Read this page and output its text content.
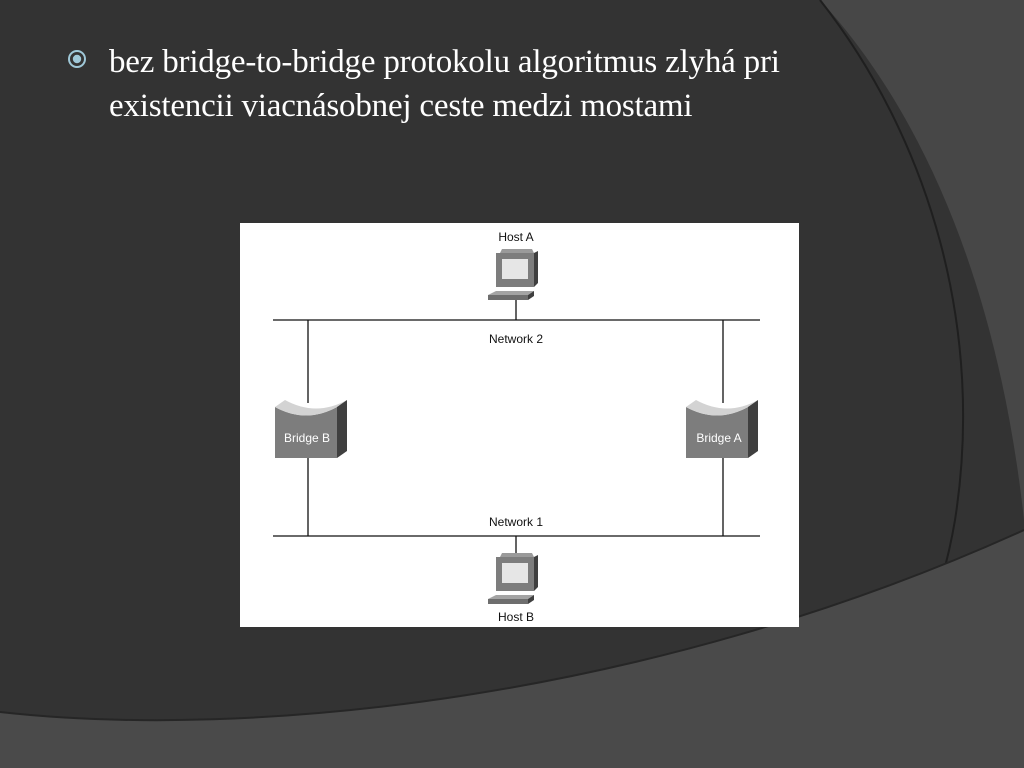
bez bridge-to-bridge protokolu algoritmus zlyhá pri existencii viacnásobnej ceste medzi mostami

Host A
Network 2
Network 1
Host B
Bridge B	Bridge A
